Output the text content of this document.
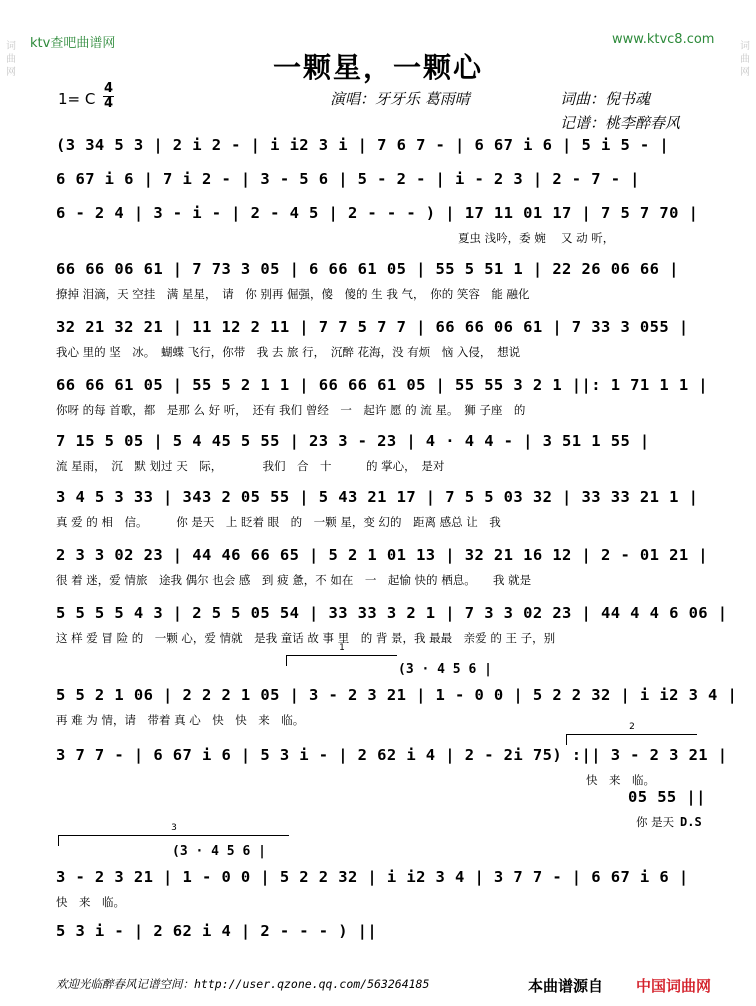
词 曲 网
词 曲 网
ktv查吧曲谱网	www.ktvc8.com
一颗星，一颗心
1= C
4
4	演唱：牙牙乐 葛雨晴	词曲：倪书魂
记谱：桃李醉春风
(3 34 5 3 | 2 i 2 - | i i2 3 i | 7 6 7 - | 6 67 i 6 | 5 i 5 - |
6 67 i 6 | 7 i 2 - | 3 - 5 6 | 5 - 2 - | i - 2 3 | 2 - 7 - |
6 - 2 4 | 3 - i - | 2 - 4 5 | 2 - - - ) | 17 11 01 17 | 7 5 7 70 |
夏虫 浅吟，委 婉　 又 动 听，
66 66 06 61 | 7 73 3 05 | 6 66 61 05 | 55 5 51 1 | 22 26 06 66 |
撩掉 泪滴，天 空挂　满 星星，　请　你 别再 倔强，傻　傻的 生 我 气，　你的 笑容　能 融化
32 21 32 21 | 11 12 2 11 | 7 7 5 7 7 | 66 66 06 61 | 7 33 3 055 |
我心 里的 坚　冰。　蝴蝶 飞行，你带　我 去 旅 行，　沉醉 花海，没 有烦　恼 入侵，　想说
66 66 61 05 | 55 5 2 1 1 | 66 66 61 05 | 55 55 3 2 1 ||: 1 71 1 1 |
你呀 的每 首歌，都　是那 么 好 听，　还有 我们 曾经　一　起许 愿 的 流 星。　狮 子座　的
7 15 5 05 | 5 4 45 5 55 | 23 3 - 23 | 4 · 4 4 - | 3 51 1 55 |
流 星雨，　沉　默 划过 天　际，　　　　我们　合　十　　　的 掌心，　是对
3 4 5 3 33 | 343 2 05 55 | 5 43 21 17 | 7 5 5 03 32 | 33 33 21 1 |
真 爱 的 相　信。　　　你 是天　上 眨着 眼　的　一颗 星，变 幻的　距离 感总 让　我
2 3 3 02 23 | 44 46 66 65 | 5 2 1 01 13 | 32 21 16 12 | 2 - 01 21 |
很 着 迷，爱 情旅　途我 偶尔 也会 感　到 疲 惫，不 如在　一　起愉 快的 栖息。　　我 就是
5 5 5 5 4 3 | 2 5 5 05 54 | 33 33 3 2 1 | 7 3 3 02 23 | 44 4 4 6 06 |
这 样 爱 冒 险 的　一颗 心，爱 情就　是我 童话 故 事 里　的 背 景，我 最最　亲爱 的 王 子，别
1
(3 · 4 5 6 |
5 5 2 1 06 | 2 2 2 1 05 | 3 - 2 3 21 | 1 - 0 0 | 5 2 2 32 | i i2 3 4 |
再 难 为 情，请　带着 真 心　快　快　来　临。	2
3 7 7 - | 6 67 i 6 | 5 3 i - | 2 62 i 4 | 2 - 2i 75) :|| 3 - 2 3 21 |
快　来　临。
05 55 ||
你 是天 D.S
3
(3 · 4 5 6 |
3 - 2 3 21 | 1 - 0 0 | 5 2 2 32 | i i2 3 4 | 3 7 7 - | 6 67 i 6 |
快　来　临。
5 3 i - | 2 62 i 4 | 2 - - - ) ||
欢迎光临醉春风记谱空间：http://user.qzone.qq.com/563264185	本曲谱源自 中国词曲网
